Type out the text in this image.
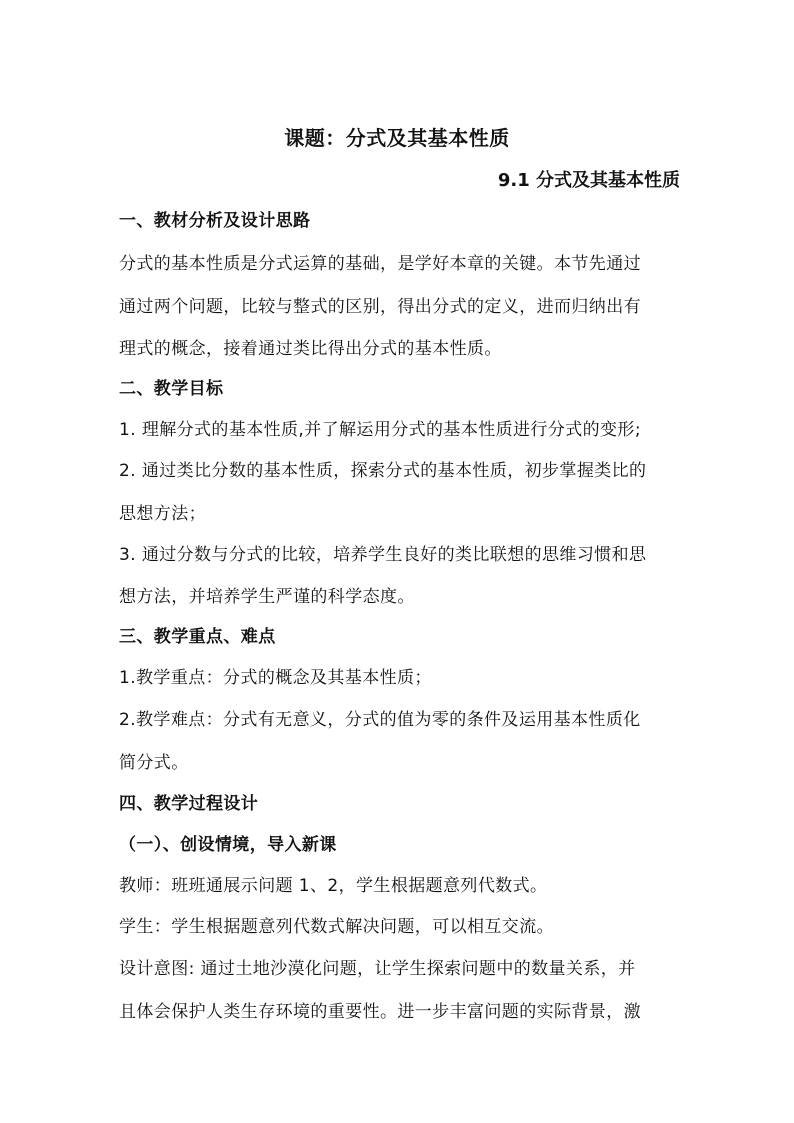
课题：分式及其基本性质
9.1 分式及其基本性质
一、教材分析及设计思路
分式的基本性质是分式运算的基础，是学好本章的关键。本节先通过
通过两个问题，比较与整式的区别，得出分式的定义，进而归纳出有
理式的概念，接着通过类比得出分式的基本性质。
二、教学目标
1. 理解分式的基本性质,并了解运用分式的基本性质进行分式的变形;
2. 通过类比分数的基本性质，探索分式的基本性质，初步掌握类比的
思想方法；
3. 通过分数与分式的比较，培养学生良好的类比联想的思维习惯和思
想方法，并培养学生严谨的科学态度。
三、教学重点、难点
1.教学重点：分式的概念及其基本性质；
2.教学难点：分式有无意义，分式的值为零的条件及运用基本性质化
简分式。
四、教学过程设计
（一）、创设情境，导入新课
教师：班班通展示问题 1、2，学生根据题意列代数式。
学生：学生根据题意列代数式解决问题，可以相互交流。
设计意图: 通过土地沙漠化问题，让学生探索问题中的数量关系，并
且体会保护人类生存环境的重要性。进一步丰富问题的实际背景，激
